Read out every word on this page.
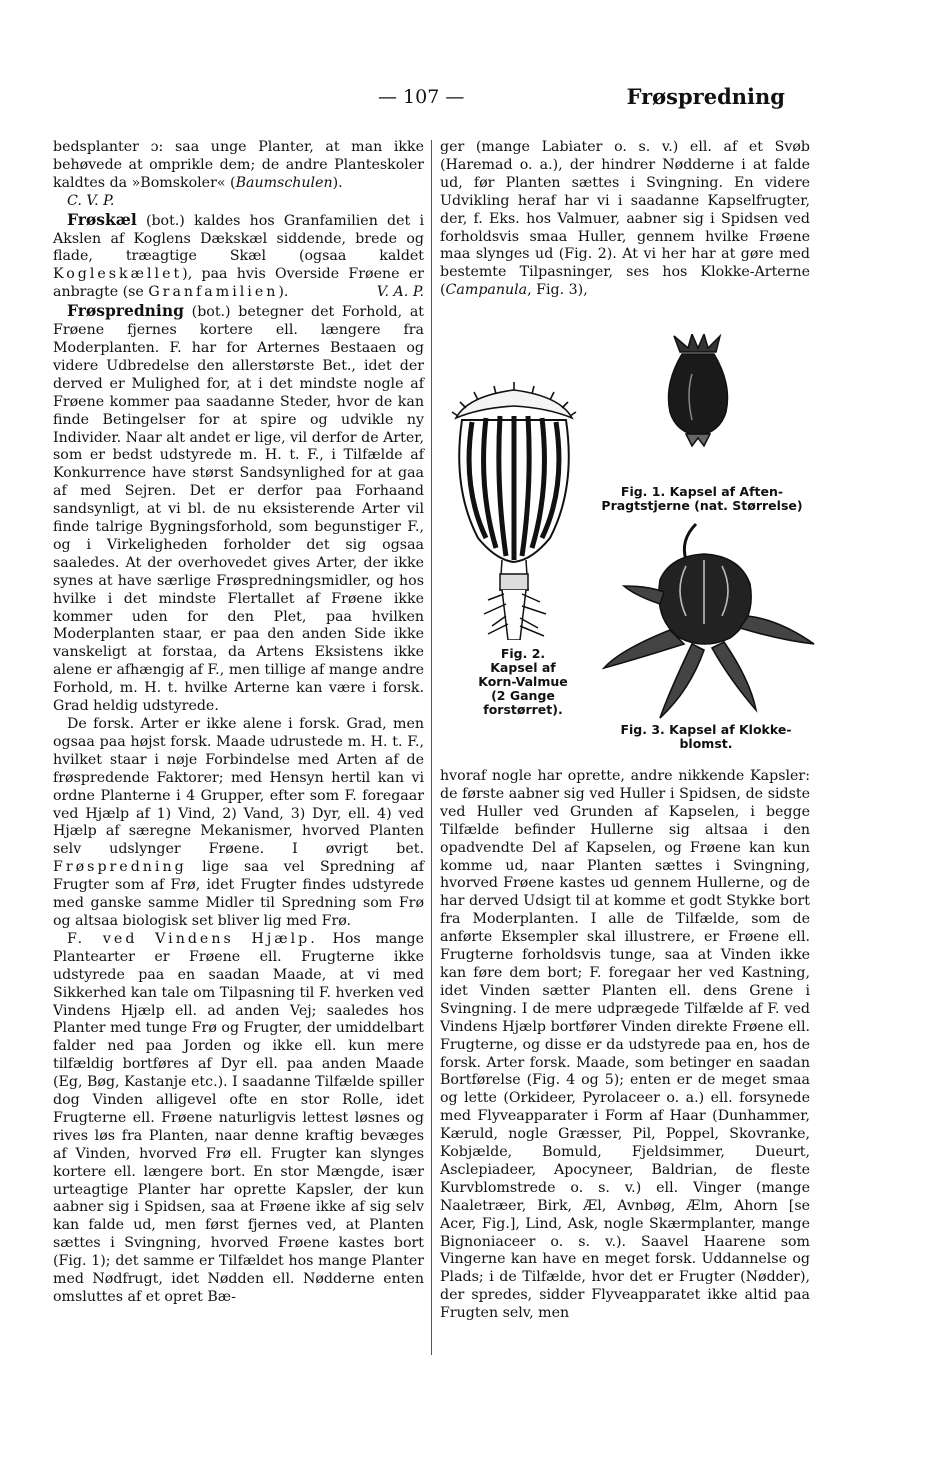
— 107 —	Frøspredning

bedsplanter ɔ: saa unge Planter, at man ikke behøvede at omprikle dem; de andre Planteskoler kaldtes da »Bomskoler« (Baumschulen).

C. V. P.

Frøskæl (bot.) kaldes hos Granfamilien det i Akslen af Koglens Dækskæl siddende, brede og flade, træagtige Skæl (ogsaa kaldet Kogleskællet), paa hvis Overside Frøene er anbragte (se Granfamilien).	V. A. P.

Frøspredning (bot.) betegner det Forhold, at Frøene fjernes kortere ell. længere fra Moderplanten. F. har for Arternes Bestaaen og videre Udbredelse den allerstørste Bet., idet der derved er Mulighed for, at i det mindste nogle af Frøene kommer paa saadanne Steder, hvor de kan finde Betingelser for at spire og udvikle ny Individer. Naar alt andet er lige, vil derfor de Arter, som er bedst udstyrede m. H. t. F., i Tilfælde af Konkurrence have størst Sandsynlighed for at gaa af med Sejren. Det er derfor paa Forhaand sandsynligt, at vi bl. de nu eksisterende Arter vil finde talrige Bygningsforhold, som begunstiger F., og i Virkeligheden forholder det sig ogsaa saaledes. At der overhovedet gives Arter, der ikke synes at have særlige Frøspredningsmidler, og hos hvilke i det mindste Flertallet af Frøene ikke kommer uden for den Plet, paa hvilken Moderplanten staar, er paa den anden Side ikke vanskeligt at forstaa, da Artens Eksistens ikke alene er afhængig af F., men tillige af mange andre Forhold, m. H. t. hvilke Arterne kan være i forsk. Grad heldig udstyrede.

De forsk. Arter er ikke alene i forsk. Grad, men ogsaa paa højst forsk. Maade udrustede m. H. t. F., hvilket staar i nøje Forbindelse med Arten af de frøspredende Faktorer; med Hensyn hertil kan vi ordne Planterne i 4 Grupper, efter som F. foregaar ved Hjælp af 1) Vind, 2) Vand, 3) Dyr, ell. 4) ved Hjælp af særegne Mekanismer, hvorved Planten selv udslynger Frøene. I øvrigt bet. Frøspredning lige saa vel Spredning af Frugter som af Frø, idet Frugter findes udstyrede med ganske samme Midler til Spredning som Frø og altsaa biologisk set bliver lig med Frø.

F. ved Vindens Hjælp. Hos mange Plantearter er Frøene ell. Frugterne ikke udstyrede paa en saadan Maade, at vi med Sikkerhed kan tale om Tilpasning til F. hverken ved Vindens Hjælp ell. ad anden Vej; saaledes hos Planter med tunge Frø og Frugter, der umiddelbart falder ned paa Jorden og ikke ell. kun mere tilfældig bortføres af Dyr ell. paa anden Maade (Eg, Bøg, Kastanje etc.). I saadanne Tilfælde spiller dog Vinden alligevel ofte en stor Rolle, idet Frugterne ell. Frøene naturligvis lettest løsnes og rives løs fra Planten, naar denne kraftig bevæges af Vinden, hvorved Frø ell. Frugter kan slynges kortere ell. længere bort. En stor Mængde, især urteagtige Planter har oprette Kapsler, der kun aabner sig i Spidsen, saa at Frøene ikke af sig selv kan falde ud, men først fjernes ved, at Planten sættes i Svingning, hvorved Frøene kastes bort (Fig. 1); det samme er Tilfældet hos mange Planter med Nødfrugt, idet Nødden ell. Nødderne enten omsluttes af et opret Bæ-

ger (mange Labiater o. s. v.) ell. af et Svøb (Haremad o. a.), der hindrer Nødderne i at falde ud, før Planten sættes i Svingning. En videre Udvikling heraf har vi i saadanne Kapselfrugter, der, f. Eks. hos Valmuer, aabner sig i Spidsen ved forholdsvis smaa Huller, gennem hvilke Frøene maa slynges ud (Fig. 2). At vi her har at gøre med bestemte Tilpasninger, ses hos Klokke-Arterne (Campanula, Fig. 3),

Fig. 1. Kapsel af Aften-Pragtstjerne (nat. Størrelse)
Fig. 2.
Kapsel af Korn-Valmue
(2 Gange forstørret).
Fig. 3. Kapsel af Klokke-blomst.

hvoraf nogle har oprette, andre nikkende Kapsler: de første aabner sig ved Huller i Spidsen, de sidste ved Huller ved Grunden af Kapselen, i begge Tilfælde befinder Hullerne sig altsaa i den opadvendte Del af Kapselen, og Frøene kan kun komme ud, naar Planten sættes i Svingning, hvorved Frøene kastes ud gennem Hullerne, og de har derved Udsigt til at komme et godt Stykke bort fra Moderplanten. I alle de Tilfælde, som de anførte Eksempler skal illustrere, er Frøene ell. Frugterne forholdsvis tunge, saa at Vinden ikke kan føre dem bort; F. foregaar her ved Kastning, idet Vinden sætter Planten ell. dens Grene i Svingning. I de mere udprægede Tilfælde af F. ved Vindens Hjælp bortfører Vinden direkte Frøene ell. Frugterne, og disse er da udstyrede paa en, hos de forsk. Arter forsk. Maade, som betinger en saadan Bortførelse (Fig. 4 og 5); enten er de meget smaa og lette (Orkideer, Pyrolaceer o. a.) ell. forsynede med Flyveapparater i Form af Haar (Dunhammer, Kæruld, nogle Græsser, Pil, Poppel, Skovranke, Kobjælde, Bomuld, Fjeldsimmer, Dueurt, Asclepiadeer, Apocyneer, Baldrian, de fleste Kurvblomstrede o. s. v.) ell. Vinger (mange Naaletræer, Birk, Æl, Avnbøg, Ælm, Ahorn [se Acer, Fig.], Lind, Ask, nogle Skærmplanter, mange Bignoniaceer o. s. v.). Saavel Haarene som Vingerne kan have en meget forsk. Uddannelse og Plads; i de Tilfælde, hvor det er Frugter (Nødder), der spredes, sidder Flyveapparatet ikke altid paa Frugten selv, men
